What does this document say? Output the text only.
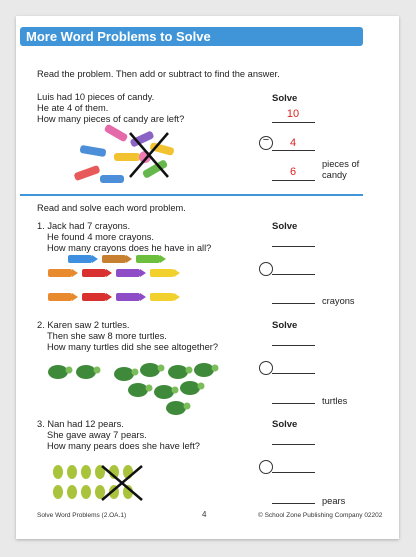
More Word Problems to Solve
Read the problem. Then add or subtract to find the answer.
Luis had 10 pieces of candy.
He ate 4 of them.
How many pieces of candy are left?
Solve
10
−	4
6
pieces of
candy
Read and solve each word problem.
1. Jack had 7 crayons.
He found 4 more crayons.
How many crayons does he have in all?
Solve
crayons
2. Karen saw 2 turtles.
Then she saw 8 more turtles.
How many turtles did she see altogether?
Solve
turtles
3. Nan had 12 pears.
She gave away 7 pears.
How many pears does she have left?
Solve
pears
Solve Word Problems (2.OA.1)	4	© School Zone Publishing Company 02202
